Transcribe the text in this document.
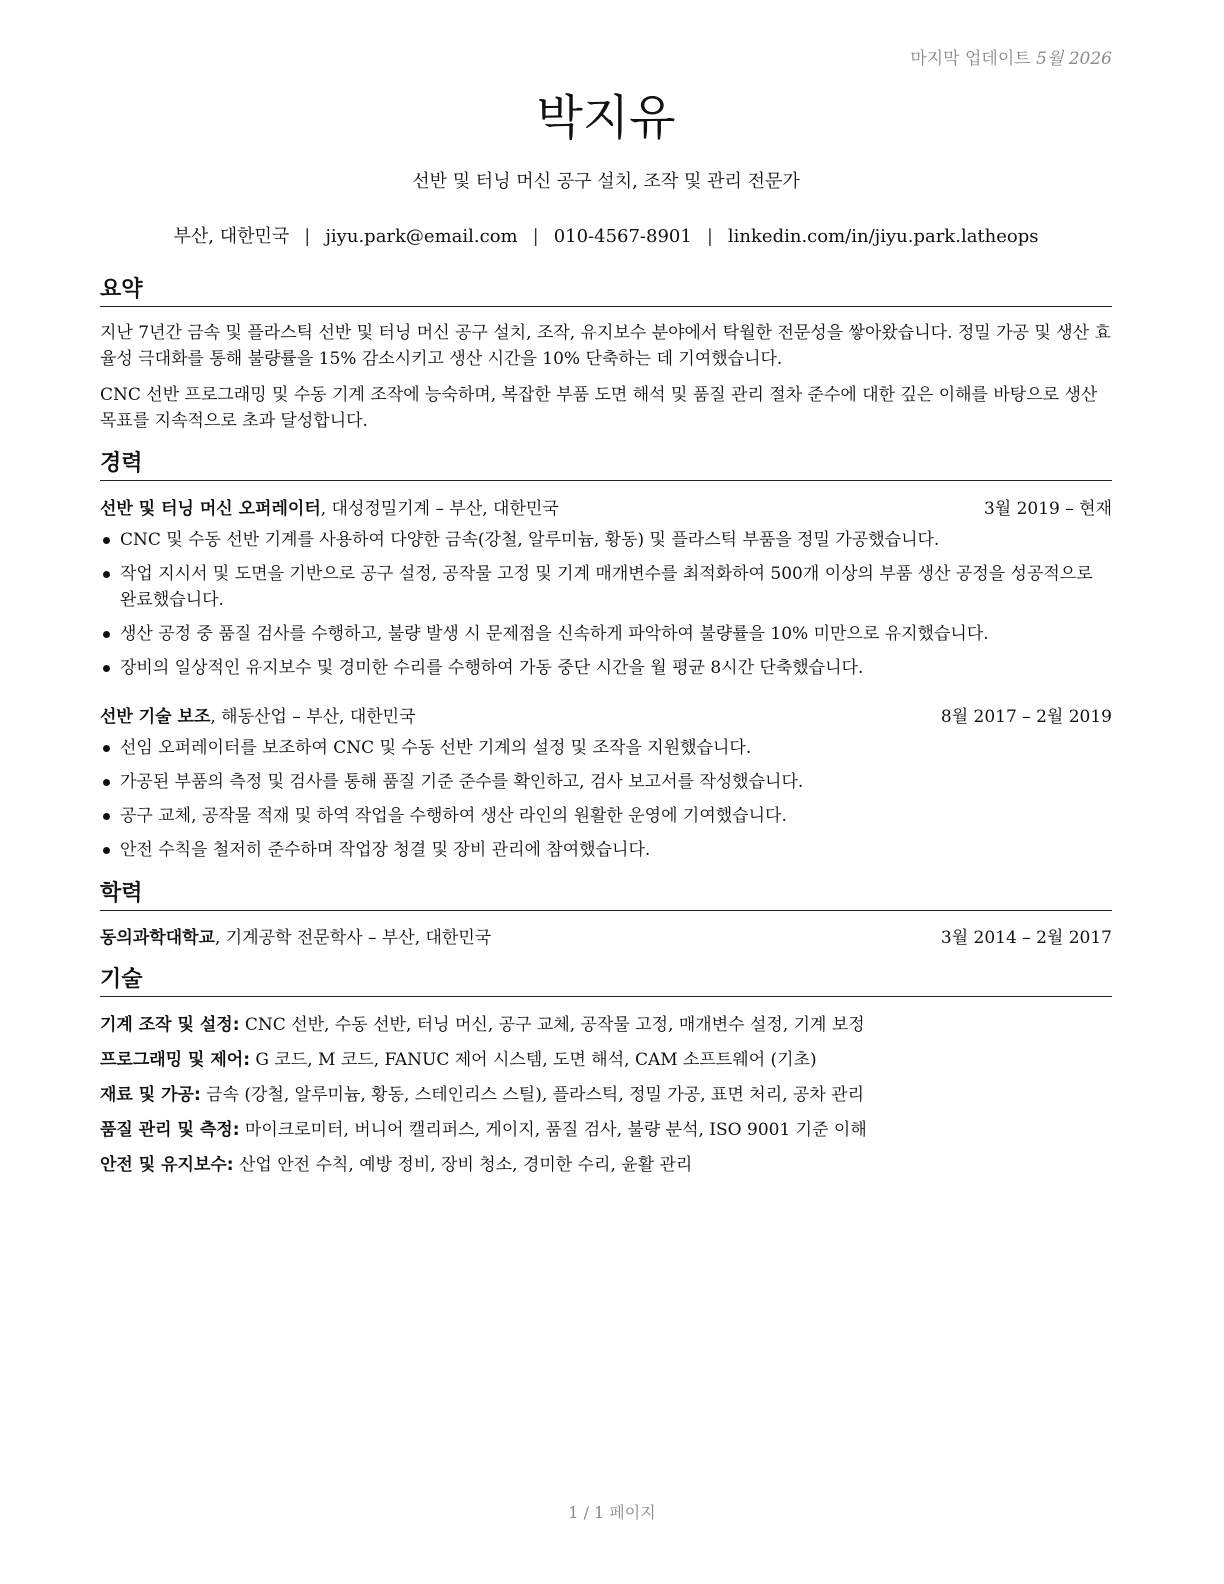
마지막 업데이트 5월 2026
박지유
선반 및 터닝 머신 공구 설치, 조작 및 관리 전문가
부산, 대한민국 | jiyu.park@email.com | 010-4567-8901 | linkedin.com/in/jiyu.park.latheops
요약

지난 7년간 금속 및 플라스틱 선반 및 터닝 머신 공구 설치, 조작, 유지보수 분야에서 탁월한 전문성을 쌓아왔습니다. 정밀 가공 및 생산 효율성 극대화를 통해 불량률을 15% 감소시키고 생산 시간을 10% 단축하는 데 기여했습니다.

CNC 선반 프로그래밍 및 수동 기계 조작에 능숙하며, 복잡한 부품 도면 해석 및 품질 관리 절차 준수에 대한 깊은 이해를 바탕으로 생산 목표를 지속적으로 초과 달성합니다.

경력
선반 및 터닝 머신 오퍼레이터, 대성정밀기계 – 부산, 대한민국	3월 2019 – 현재
CNC 및 수동 선반 기계를 사용하여 다양한 금속(강철, 알루미늄, 황동) 및 플라스틱 부품을 정밀 가공했습니다.
작업 지시서 및 도면을 기반으로 공구 설정, 공작물 고정 및 기계 매개변수를 최적화하여 500개 이상의 부품 생산 공정을 성공적으로 완료했습니다.
생산 공정 중 품질 검사를 수행하고, 불량 발생 시 문제점을 신속하게 파악하여 불량률을 10% 미만으로 유지했습니다.
장비의 일상적인 유지보수 및 경미한 수리를 수행하여 가동 중단 시간을 월 평균 8시간 단축했습니다.
선반 기술 보조, 해동산업 – 부산, 대한민국	8월 2017 – 2월 2019
선임 오퍼레이터를 보조하여 CNC 및 수동 선반 기계의 설정 및 조작을 지원했습니다.
가공된 부품의 측정 및 검사를 통해 품질 기준 준수를 확인하고, 검사 보고서를 작성했습니다.
공구 교체, 공작물 적재 및 하역 작업을 수행하여 생산 라인의 원활한 운영에 기여했습니다.
안전 수칙을 철저히 준수하며 작업장 청결 및 장비 관리에 참여했습니다.
학력
동의과학대학교, 기계공학 전문학사 – 부산, 대한민국	3월 2014 – 2월 2017
기술
기계 조작 및 설정: CNC 선반, 수동 선반, 터닝 머신, 공구 교체, 공작물 고정, 매개변수 설정, 기계 보정
프로그래밍 및 제어: G 코드, M 코드, FANUC 제어 시스템, 도면 해석, CAM 소프트웨어 (기초)
재료 및 가공: 금속 (강철, 알루미늄, 황동, 스테인리스 스틸), 플라스틱, 정밀 가공, 표면 처리, 공차 관리
품질 관리 및 측정: 마이크로미터, 버니어 캘리퍼스, 게이지, 품질 검사, 불량 분석, ISO 9001 기준 이해
안전 및 유지보수: 산업 안전 수칙, 예방 정비, 장비 청소, 경미한 수리, 윤활 관리
1 / 1 페이지
